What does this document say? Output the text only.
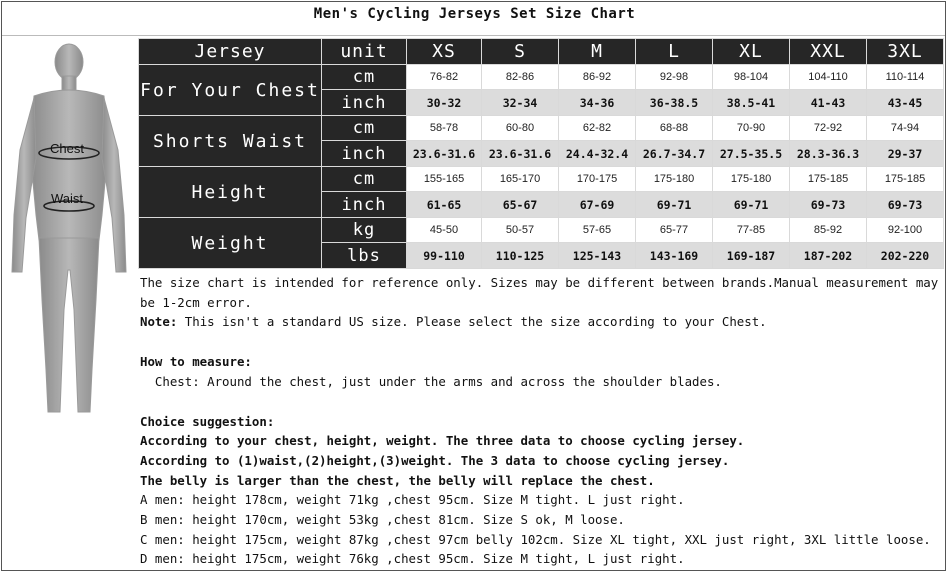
Men's Cycling Jerseys Set Size Chart
Chest
Waist
Jersey	unit	XS	S	M	L	XL	XXL	3XL
For Your Chest	cm	76-82	82-86	86-92	92-98	98-104	104-110	110-114
	inch	30-32	32-34	34-36	36-38.5	38.5-41	41-43	43-45
Shorts Waist	cm	58-78	60-80	62-82	68-88	70-90	72-92	74-94
	inch	23.6-31.6	23.6-31.6	24.4-32.4	26.7-34.7	27.5-35.5	28.3-36.3	29-37
Height	cm	155-165	165-170	170-175	175-180	175-180	175-185	175-185
	inch	61-65	65-67	67-69	69-71	69-71	69-73	69-73
Weight	kg	45-50	50-57	57-65	65-77	77-85	85-92	92-100
	lbs	99-110	110-125	125-143	143-169	169-187	187-202	202-220
The size chart is intended for reference only. Sizes may be different between brands.Manual measurement may be 1-2cm error.
Note: This isn't a standard US size. Please select the size according to your Chest.
How to measure:
Chest: Around the chest, just under the arms and across the shoulder blades.
Choice suggestion:
According to your chest, height, weight. The three data to choose cycling jersey.
According to (1)waist,(2)height,(3)weight. The 3 data to choose cycling jersey.
The belly is larger than the chest, the belly will replace the chest.
A men: height 178cm, weight 71kg ,chest 95cm. Size M tight. L just right.
B men: height 170cm, weight 53kg ,chest 81cm. Size S ok, M loose.
C men: height 175cm, weight 87kg ,chest 97cm belly 102cm. Size XL tight, XXL just right, 3XL little loose.
D men: height 175cm, weight 76kg ,chest 95cm. Size M tight, L just right.
